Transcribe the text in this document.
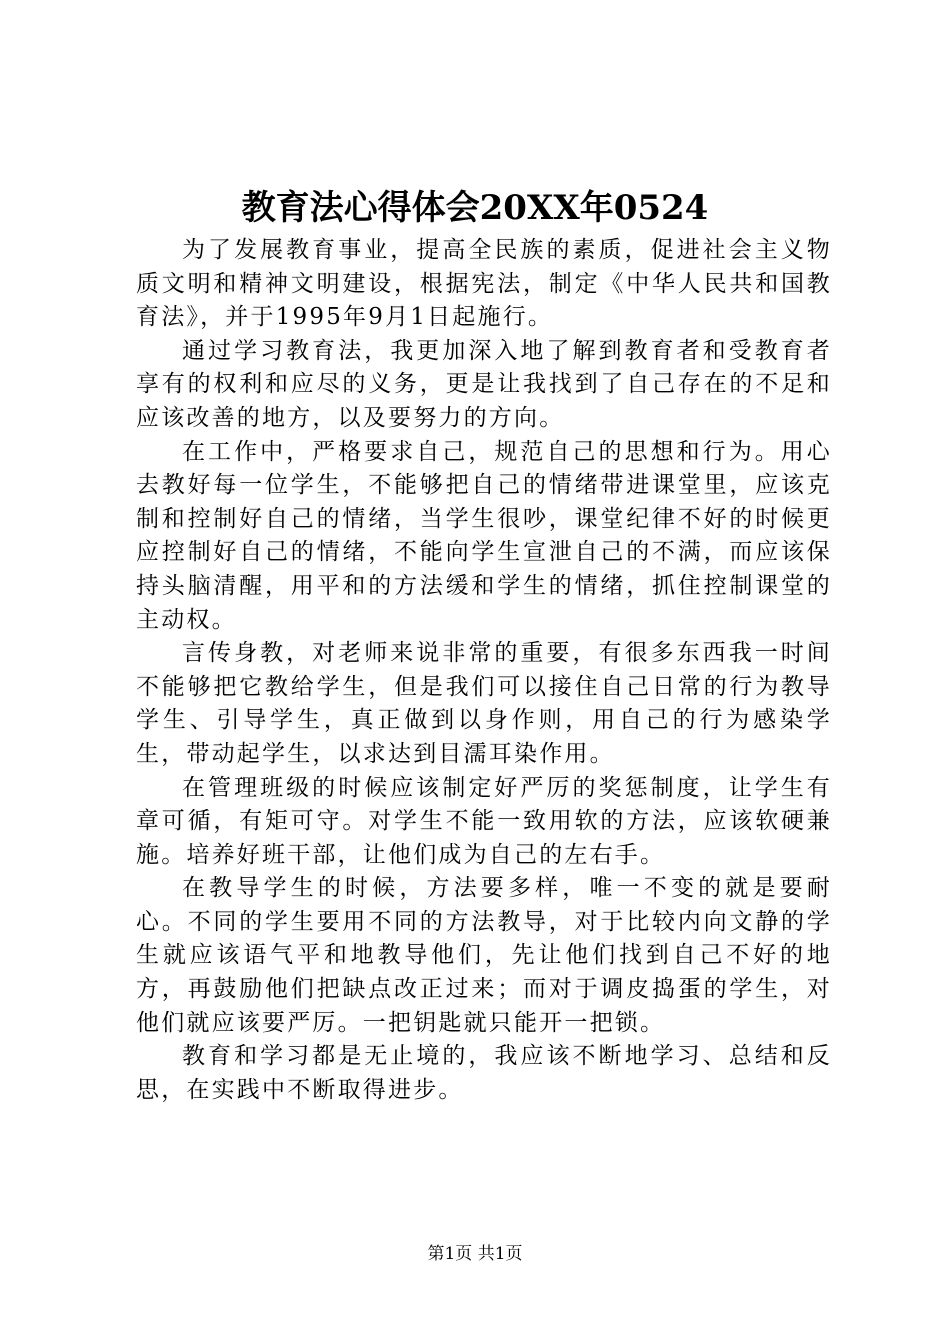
教育法心得体会20XX年0524

为了发展教育事业，提高全民族的素质，促进社会主义物质文明和精神文明建设，根据宪法，制定《中华人民共和国教育法》，并于1995年9月1日起施行。

通过学习教育法，我更加深入地了解到教育者和受教育者享有的权利和应尽的义务，更是让我找到了自己存在的不足和应该改善的地方，以及要努力的方向。

在工作中，严格要求自己，规范自己的思想和行为。用心去教好每一位学生，不能够把自己的情绪带进课堂里，应该克制和控制好自己的情绪，当学生很吵，课堂纪律不好的时候更应控制好自己的情绪，不能向学生宣泄自己的不满，而应该保持头脑清醒，用平和的方法缓和学生的情绪，抓住控制课堂的主动权。

言传身教，对老师来说非常的重要，有很多东西我一时间不能够把它教给学生，但是我们可以接住自己日常的行为教导学生、引导学生，真正做到以身作则，用自己的行为感染学生，带动起学生，以求达到目濡耳染作用。

在管理班级的时候应该制定好严厉的奖惩制度，让学生有章可循，有矩可守。对学生不能一致用软的方法，应该软硬兼施。培养好班干部，让他们成为自己的左右手。

在教导学生的时候，方法要多样，唯一不变的就是要耐心。不同的学生要用不同的方法教导，对于比较内向文静的学生就应该语气平和地教导他们，先让他们找到自己不好的地方，再鼓励他们把缺点改正过来；而对于调皮捣蛋的学生，对他们就应该要严厉。一把钥匙就只能开一把锁。

教育和学习都是无止境的，我应该不断地学习、总结和反思，在实践中不断取得进步。

第1页 共1页
